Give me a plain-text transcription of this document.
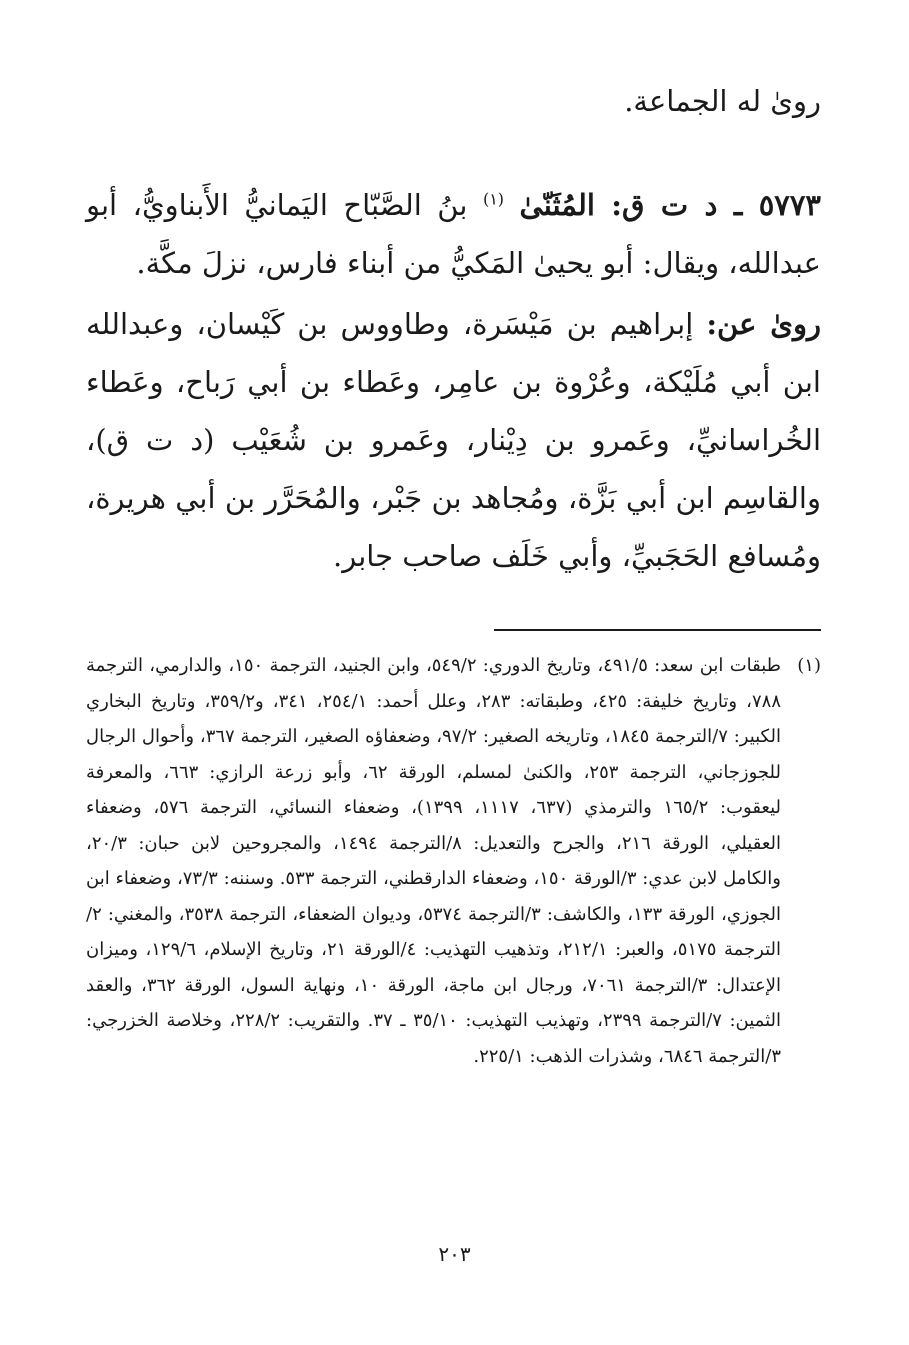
روىٰ له الجماعة.

٥٧٧٣ ـ د ت ق: المُثَنّىٰ $^{(١)}$ بنُ الصَّبّاح اليَمانيُّ الأَبناويُّ، أبو عبدالله، ويقال: أبو يحيىٰ المَكيُّ من أبناء فارس، نزلَ مكَّة.

روىٰ عن: إبراهيم بن مَيْسَرة، وطاووس بن كَيْسان، وعبدالله ابن أبي مُلَيْكة، وعُرْوة بن عامِر، وعَطاء بن أبي رَباح، وعَطاء الخُراسانيِّ، وعَمرو بن دِيْنار، وعَمرو بن شُعَيْب (د ت ق)، والقاسِم ابن أبي بَزَّة، ومُجاهد بن جَبْر، والمُحَرَّر بن أبي هريرة، ومُسافع الحَجَبيِّ، وأبي خَلَف صاحب جابر.

(١)
طبقات ابن سعد: ٤٩١/٥، وتاريخ الدوري: ٥٤٩/٢، وابن الجنيد، الترجمة ١٥٠، والدارمي، الترجمة ٧٨٨، وتاريخ خليفة: ٤٢٥، وطبقاته: ٢٨٣، وعلل أحمد: ٢٥٤/١، ٣٤١، و٣٥٩/٢، وتاريخ البخاري الكبير: ٧/الترجمة ١٨٤٥، وتاريخه الصغير: ٩٧/٢، وضعفاؤه الصغير، الترجمة ٣٦٧، وأحوال الرجال للجوزجاني، الترجمة ٢٥٣، والكنىٰ لمسلم، الورقة ٦٢، وأبو زرعة الرازي: ٦٦٣، والمعرفة ليعقوب: ١٦٥/٢ والترمذي (٦٣٧، ١١١٧، ١٣٩٩)، وضعفاء النسائي، الترجمة ٥٧٦، وضعفاء العقيلي، الورقة ٢١٦، والجرح والتعديل: ٨/الترجمة ١٤٩٤، والمجروحين لابن حبان: ٢٠/٣، والكامل لابن عدي: ٣/الورقة ١٥٠، وضعفاء الدارقطني، الترجمة ٥٣٣. وسننه: ٧٣/٣، وضعفاء ابن الجوزي، الورقة ١٣٣، والكاشف: ٣/الترجمة ٥٣٧٤، وديوان الضعفاء، الترجمة ٣٥٣٨، والمغني: ٢/الترجمة ٥١٧٥، والعبر: ٢١٢/١، وتذهيب التهذيب: ٤/الورقة ٢١، وتاريخ الإسلام، ١٢٩/٦، وميزان الإعتدال: ٣/الترجمة ٧٠٦١، ورجال ابن ماجة، الورقة ١٠، ونهاية السول، الورقة ٣٦٢، والعقد الثمين: ٧/الترجمة ٢٣٩٩، وتهذيب التهذيب: ٣٥/١٠ ـ ٣٧. والتقريب: ٢٢٨/٢، وخلاصة الخزرجي: ٣/الترجمة ٦٨٤٦، وشذرات الذهب: ٢٢٥/١.
٢٠٣
